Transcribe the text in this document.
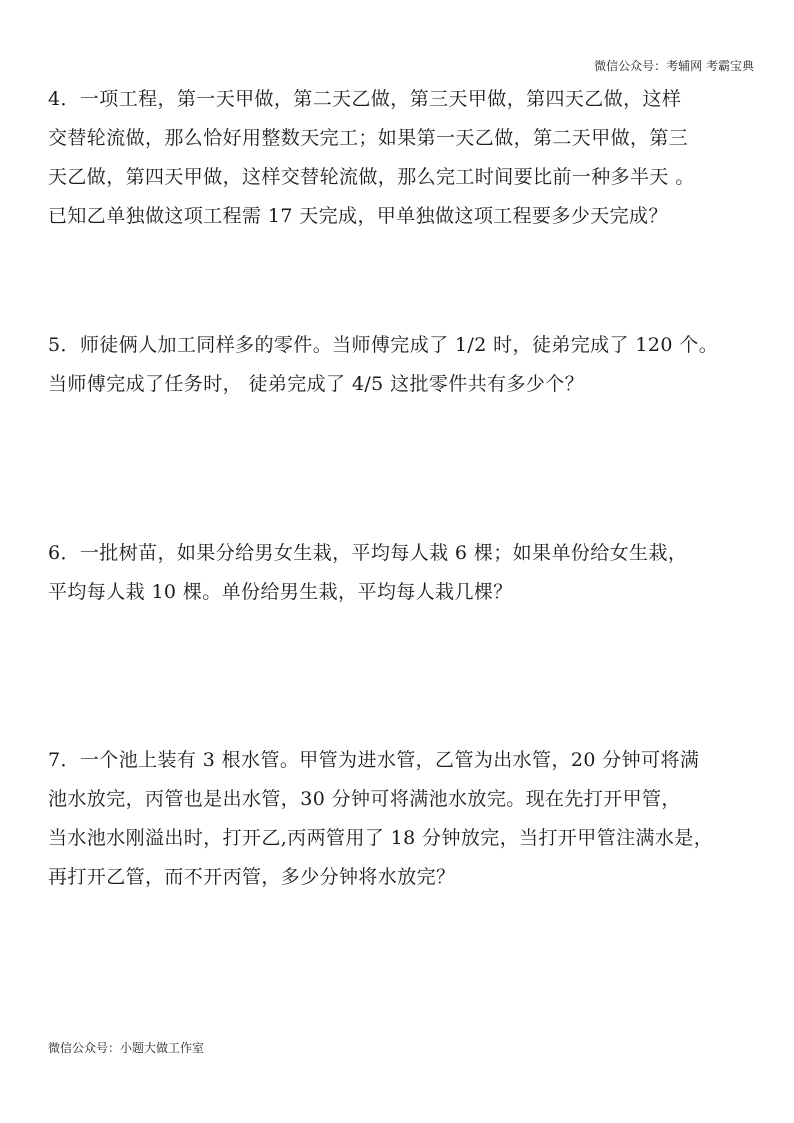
微信公众号：考辅网 考霸宝典
4．一项工程，第一天甲做，第二天乙做，第三天甲做，第四天乙做，这样
交替轮流做，那么恰好用整数天完工；如果第一天乙做，第二天甲做，第三
天乙做，第四天甲做，这样交替轮流做，那么完工时间要比前一种多半天 。
已知乙单独做这项工程需 17 天完成，甲单独做这项工程要多少天完成？
5．师徒俩人加工同样多的零件。当师傅完成了 1/2 时，徒弟完成了 120 个。
当师傅完成了任务时， 徒弟完成了 4/5 这批零件共有多少个？
6．一批树苗，如果分给男女生栽，平均每人栽 6 棵；如果单份给女生栽，
平均每人栽 10 棵。单份给男生栽，平均每人栽几棵？
7．一个池上装有 3 根水管。甲管为进水管，乙管为出水管，20 分钟可将满
池水放完，丙管也是出水管，30 分钟可将满池水放完。现在先打开甲管，
当水池水刚溢出时，打开乙,丙两管用了 18 分钟放完，当打开甲管注满水是，
再打开乙管，而不开丙管，多少分钟将水放完？
微信公众号：小题大做工作室
